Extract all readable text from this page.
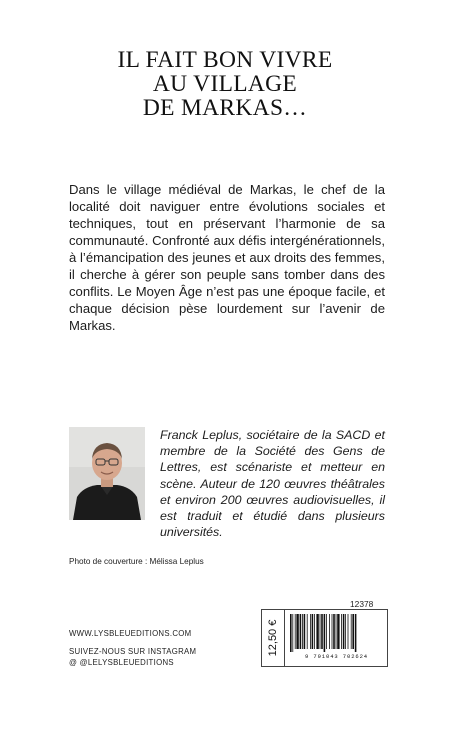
IL FAIT BON VIVRE
AU VILLAGE
DE MARKAS…
Dans le village médiéval de Markas, le chef de la localité doit naviguer entre évolutions sociales et techniques, tout en préservant l’harmonie de sa communauté. Confronté aux défis intergénérationnels, à l’émancipation des jeunes et aux droits des femmes, il cherche à gérer son peuple sans tomber dans des conflits. Le Moyen Âge n’est pas une époque facile, et chaque décision pèse lourdement sur l’avenir de Markas.
Franck Leplus, sociétaire de la SACD et membre de la Société des Gens de Lettres, est scénariste et metteur en scène. Auteur de 120 œuvres théâtrales et environ 200 œuvres audiovisuelles, il est traduit et étudié dans plusieurs universités.
Photo de couverture : Mélissa Leplus
12378
WWW.LYSBLEUEDITIONS.COM
SUIVEZ-NOUS SUR INSTAGRAM
@ @LELYSBLEUEDITIONS
12,50 €
9 791043 702624
